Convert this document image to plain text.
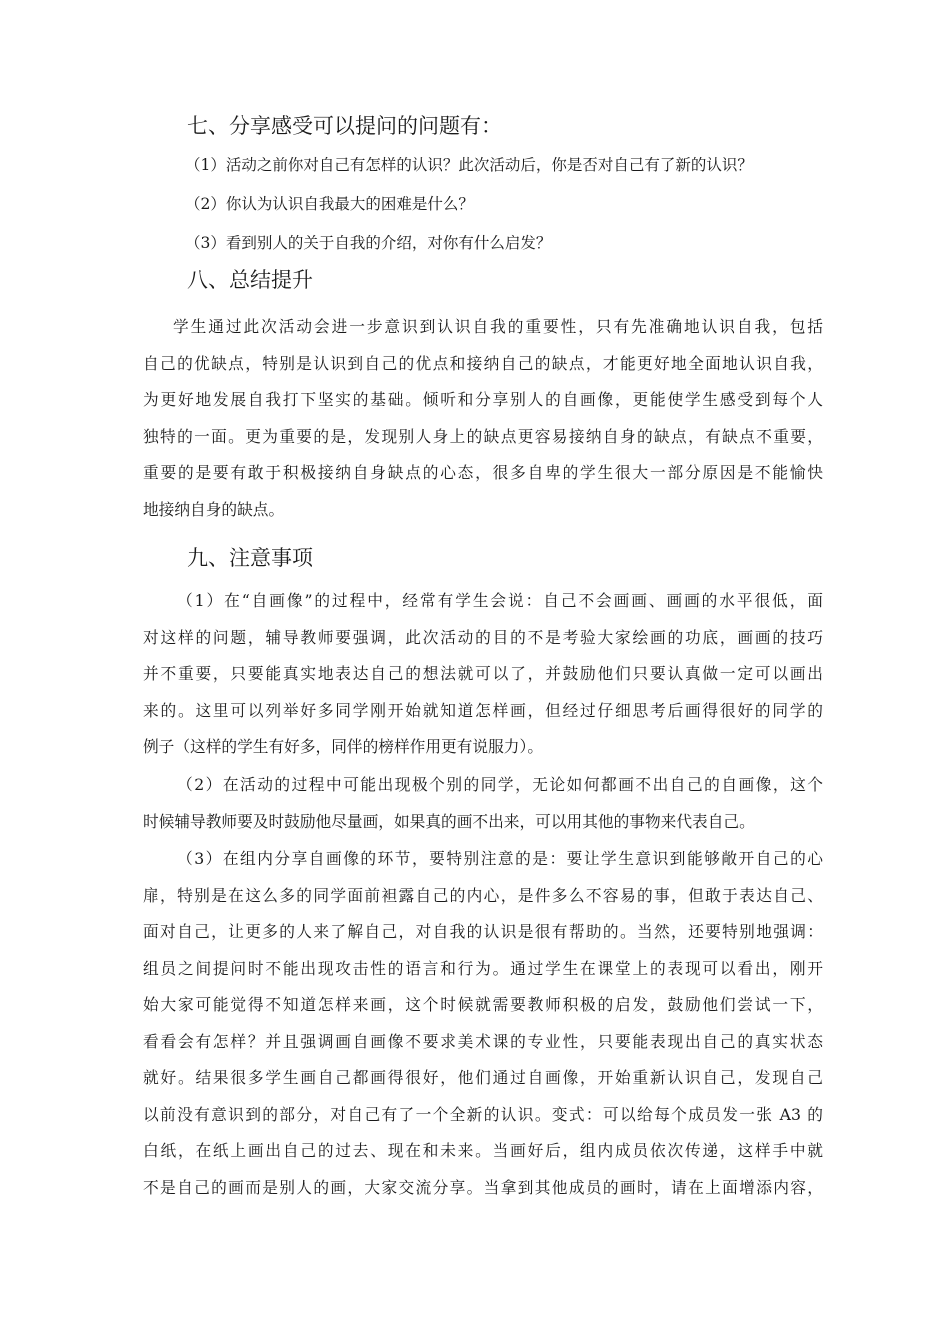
七、分享感受可以提问的问题有：

（1）活动之前你对自己有怎样的认识？此次活动后，你是否对自己有了新的认识？

（2）你认为认识自我最大的困难是什么？

（3）看到别人的关于自我的介绍，对你有什么启发？

八、总结提升
学生通过此次活动会进一步意识到认识自我的重要性，只有先准确地认识自我，包括
自己的优缺点，特别是认识到自己的优点和接纳自己的缺点，才能更好地全面地认识自我，
为更好地发展自我打下坚实的基础。倾听和分享别人的自画像，更能使学生感受到每个人
独特的一面。更为重要的是，发现别人身上的缺点更容易接纳自身的缺点，有缺点不重要，
重要的是要有敢于积极接纳自身缺点的心态，很多自卑的学生很大一部分原因是不能愉快
地接纳自身的缺点。
九、注意事项
（1）在“自画像”的过程中，经常有学生会说：自己不会画画、画画的水平很低，面
对这样的问题，辅导教师要强调，此次活动的目的不是考验大家绘画的功底，画画的技巧
并不重要，只要能真实地表达自己的想法就可以了，并鼓励他们只要认真做一定可以画出
来的。这里可以列举好多同学刚开始就知道怎样画，但经过仔细思考后画得很好的同学的
例子（这样的学生有好多，同伴的榜样作用更有说服力）。
（2）在活动的过程中可能出现极个别的同学，无论如何都画不出自己的自画像，这个
时候辅导教师要及时鼓励他尽量画，如果真的画不出来，可以用其他的事物来代表自己。
（3）在组内分享自画像的环节，要特别注意的是：要让学生意识到能够敞开自己的心
扉，特别是在这么多的同学面前袒露自己的内心，是件多么不容易的事，但敢于表达自己、
面对自己，让更多的人来了解自己，对自我的认识是很有帮助的。当然，还要特别地强调：
组员之间提问时不能出现攻击性的语言和行为。通过学生在课堂上的表现可以看出，刚开
始大家可能觉得不知道怎样来画，这个时候就需要教师积极的启发，鼓励他们尝试一下，
看看会有怎样？并且强调画自画像不要求美术课的专业性，只要能表现出自己的真实状态
就好。结果很多学生画自己都画得很好，他们通过自画像，开始重新认识自己，发现自己
以前没有意识到的部分，对自己有了一个全新的认识。变式：可以给每个成员发一张 A3 的
白纸，在纸上画出自己的过去、现在和未来。当画好后，组内成员依次传递，这样手中就
不是自己的画而是别人的画，大家交流分享。当拿到其他成员的画时，请在上面增添内容，
